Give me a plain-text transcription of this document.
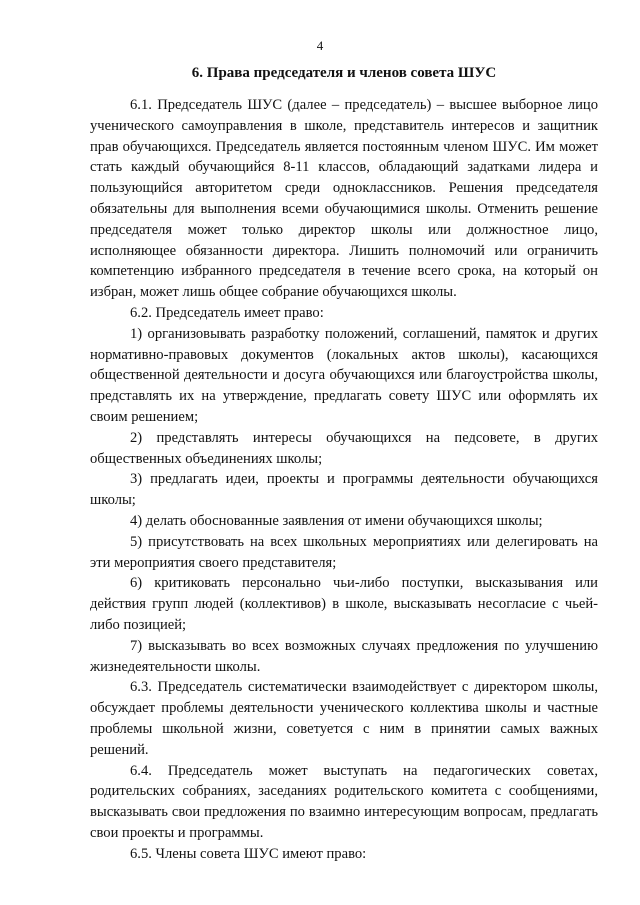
4
6. Права председателя и членов совета ШУС

6.1. Председатель ШУС (далее – председатель) – высшее выборное лицо ученического самоуправления в школе, представитель интересов и защитник прав обучающихся. Председатель является постоянным членом ШУС. Им может стать каждый обучающийся 8-11 классов, обладающий задатками лидера и пользующийся авторитетом среди одноклассников. Решения председателя обязательны для выполнения всеми обучающимися школы. Отменить решение председателя может только директор школы или должностное лицо, исполняющее обязанности директора. Лишить полномочий или ограничить компетенцию избранного председателя в течение всего срока, на который он избран, может лишь общее собрание обучающихся школы.

6.2. Председатель имеет право:

1) организовывать разработку положений, соглашений, памяток и других нормативно-правовых документов (локальных актов школы), касающихся общественной деятельности и досуга обучающихся или благоустройства школы, представлять их на утверждение, предлагать совету ШУС или оформлять их своим решением;

2) представлять интересы обучающихся на педсовете, в других общественных объединениях школы;

3) предлагать идеи, проекты и программы деятельности обучающихся школы;

4) делать обоснованные заявления от имени обучающихся школы;

5) присутствовать на всех школьных мероприятиях или делегировать на эти мероприятия своего представителя;

6) критиковать персонально чьи-либо поступки, высказывания или действия групп людей (коллективов) в школе, высказывать несогласие с чьей-либо позицией;

7) высказывать во всех возможных случаях предложения по улучшению жизнедеятельности школы.

6.3. Председатель систематически взаимодействует с директором школы, обсуждает проблемы деятельности ученического коллектива школы и частные проблемы школьной жизни, советуется с ним в принятии самых важных решений.

6.4. Председатель может выступать на педагогических советах, родительских собраниях, заседаниях родительского комитета с сообщениями, высказывать свои предложения по взаимно интересующим вопросам, предлагать свои проекты и программы.

6.5. Члены совета ШУС имеют право:
